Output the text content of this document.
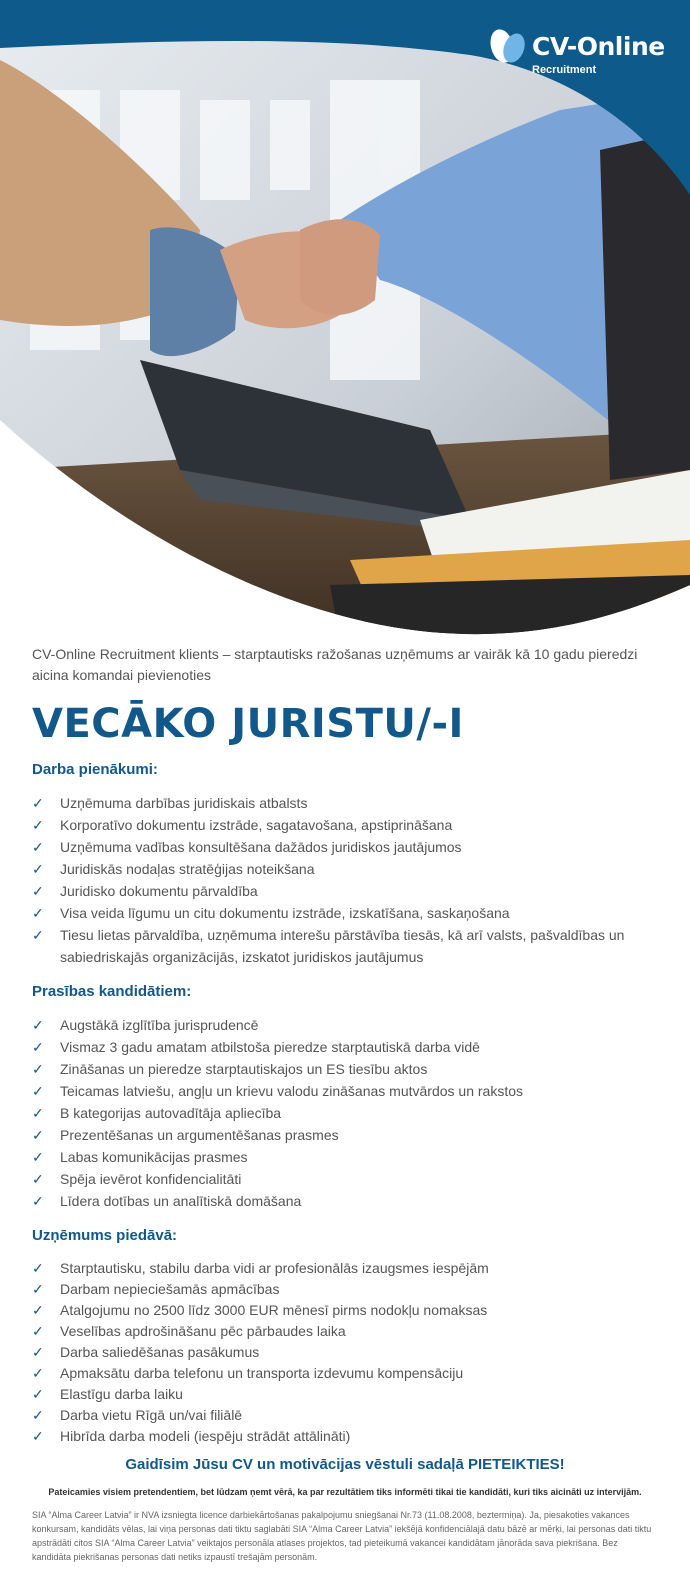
CV-Online
Recruitment

CV-Online Recruitment klients – starptautisks ražošanas uzņēmums ar vairāk kā 10 gadu pieredzi aicina komandai pievienoties

VECĀKO JURISTU/-I
Darba pienākumi:
✓ Uzņēmuma darbības juridiskais atbalsts
✓ Korporatīvo dokumentu izstrāde, sagatavošana, apstiprināšana
✓ Uzņēmuma vadības konsultēšana dažādos juridiskos jautājumos
✓ Juridiskās nodaļas stratēģijas noteikšana
✓ Juridisko dokumentu pārvaldība
✓ Visa veida līgumu un citu dokumentu izstrāde, izskatīšana, saskaņošana
✓ Tiesu lietas pārvaldība, uzņēmuma interešu pārstāvība tiesās, kā arī valsts, pašvaldības un sabiedriskajās organizācijās, izskatot juridiskos jautājumus
Prasības kandidātiem:
✓ Augstākā izglītība jurisprudencē
✓ Vismaz 3 gadu amatam atbilstoša pieredze starptautiskā darba vidē
✓ Zināšanas un pieredze starptautiskajos un ES tiesību aktos
✓ Teicamas latviešu, angļu un krievu valodu zināšanas mutvārdos un rakstos
✓ B kategorijas autovadītāja apliecība
✓ Prezentēšanas un argumentēšanas prasmes
✓ Labas komunikācijas prasmes
✓ Spēja ievērot konfidencialitāti
✓ Līdera dotības un analītiskā domāšana
Uzņēmums piedāvā:
✓ Starptautisku, stabilu darba vidi ar profesionālās izaugsmes iespējām
✓ Darbam nepieciešamās apmācības
✓ Atalgojumu no 2500 līdz 3000 EUR mēnesī pirms nodokļu nomaksas
✓ Veselības apdrošināšanu pēc pārbaudes laika
✓ Darba saliedēšanas pasākumus
✓ Apmaksātu darba telefonu un transporta izdevumu kompensāciju
✓ Elastīgu darba laiku
✓ Darba vietu Rīgā un/vai filiālē
✓ Hibrīda darba modeli (iespēju strādāt attālināti)
Gaidīsim Jūsu CV un motivācijas vēstuli sadaļā PIETEIKTIES!
Pateicamies visiem pretendentiem, bet lūdzam ņemt vērā, ka par rezultātiem tiks informēti tikai tie kandidāti, kuri tiks aicināti uz intervijām.
SIA “Alma Career Latvia” ir NVA izsniegta licence darbiekārtošanas pakalpojumu sniegšanai Nr.73 (11.08.2008, beztermiņa). Ja, piesakoties vakances konkursam, kandidāts vēlas, lai viņa personas dati tiktu saglabāti SIA “Alma Career Latvia” iekšējā konfidenciālajā datu bāzē ar mērķi, lai personas dati tiktu apstrādāti citos SIA “Alma Career Latvia” veiktajos personāla atlases projektos, tad pieteikumā vakancei kandidātam jānorāda sava piekrišana. Bez kandidāta piekrišanas personas dati netiks izpaustī trešajām personām.
